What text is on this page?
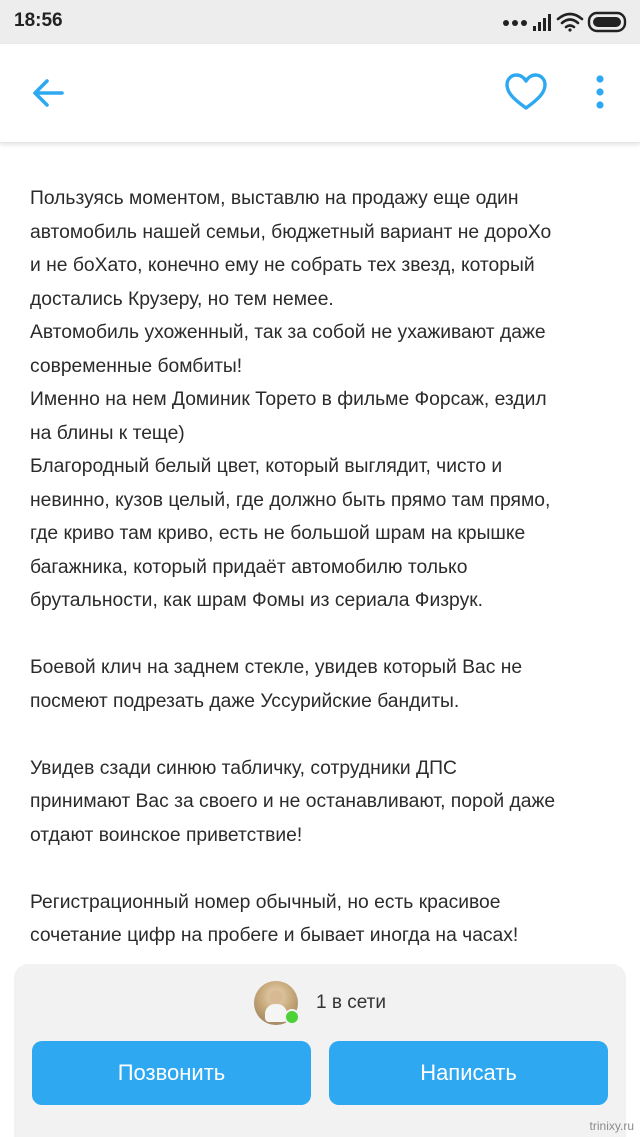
18:56

Пользуясь моментом, выставлю на продажу еще один
автомобиль нашей семьи, бюджетный вариант не дороХо
и не боХато, конечно ему не собрать тех звезд, который
достались Крузеру, но тем немее.
Автомобиль ухоженный, так за собой не ухаживают даже
современные бомбиты!
Именно на нем Доминик Торето в фильме Форсаж, ездил
на блины к теще)
Благородный белый цвет, который выглядит, чисто и
невинно, кузов целый, где должно быть прямо там прямо,
где криво там криво, есть не большой шрам на крышке
багажника, который придаёт автомобилю только
брутальности, как шрам Фомы из сериала Физрук.

Боевой клич на заднем стекле, увидев который Вас не
посмеют подрезать даже Уссурийские бандиты.

Увидев сзади синюю табличку, сотрудники ДПС
принимают Вас за своего и не останавливают, порой даже
отдают воинское приветствие!

Регистрационный номер обычный, но есть красивое
сочетание цифр на пробеге и бывает иногда на часах!

1 в сети
Позвонить	Написать
trinixy.ru
